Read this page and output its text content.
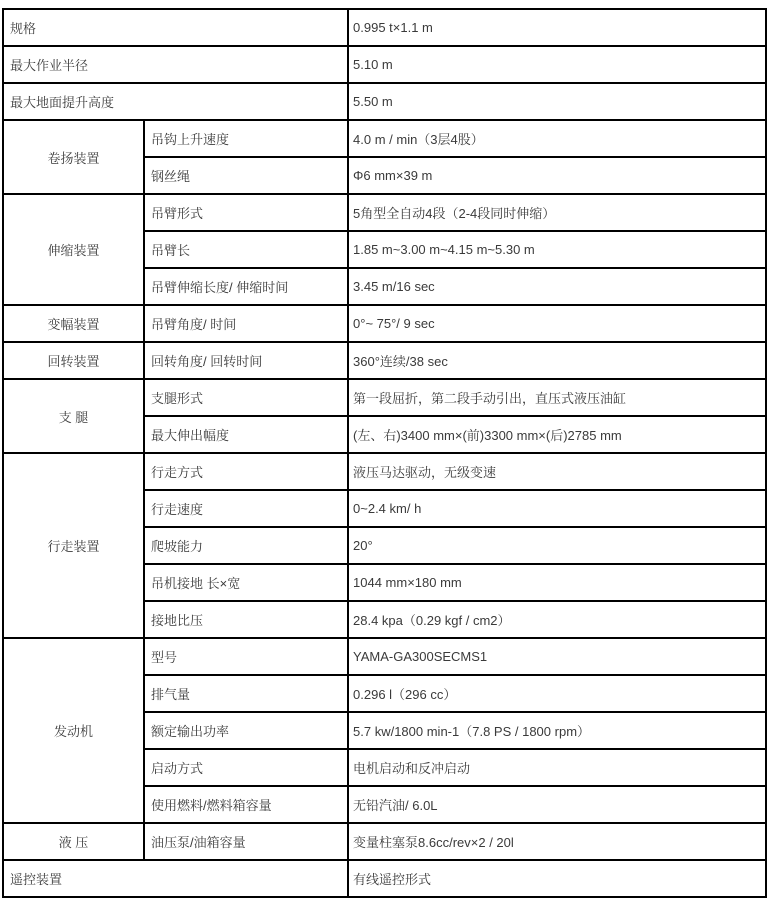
规格		0.995 t×1.1 m
最大作业半径		5.10 m
最大地面提升高度		5.50 m
卷扬装置	吊钩上升速度	4.0 m / min（3层4股）
	钢丝绳	Φ6 mm×39 m
伸缩装置	吊臂形式	5角型全自动4段（2-4段同时伸缩）
	吊臂长	1.85 m~3.00 m~4.15 m~5.30 m
	吊臂伸缩长度/ 伸缩时间	3.45 m/16 sec
变幅装置	吊臂角度/ 时间	0°~ 75°/ 9 sec
回转装置	回转角度/ 回转时间	360°连续/38 sec
支 腿	支腿形式	第一段屈折，第二段手动引出，直压式液压油缸
	最大伸出幅度	(左、右)3400 mm×(前)3300 mm×(后)2785 mm
行走装置	行走方式	液压马达驱动，无级变速
	行走速度	0~2.4 km/ h
	爬坡能力	20°
	吊机接地 长×宽	1044 mm×180 mm
	接地比压	28.4 kpa（0.29 kgf / cm2）
发动机	型号	YAMA-GA300SECMS1
	排气量	0.296 l（296 cc）
	额定输出功率	5.7 kw/1800 min-1（7.8 PS / 1800 rpm）
	启动方式	电机启动和反冲启动
	使用燃料/燃料箱容量	无铅汽油/ 6.0L
液 压	油压泵/油箱容量	变量柱塞泵8.6cc/rev×2 / 20l
遥控装置		有线遥控形式
